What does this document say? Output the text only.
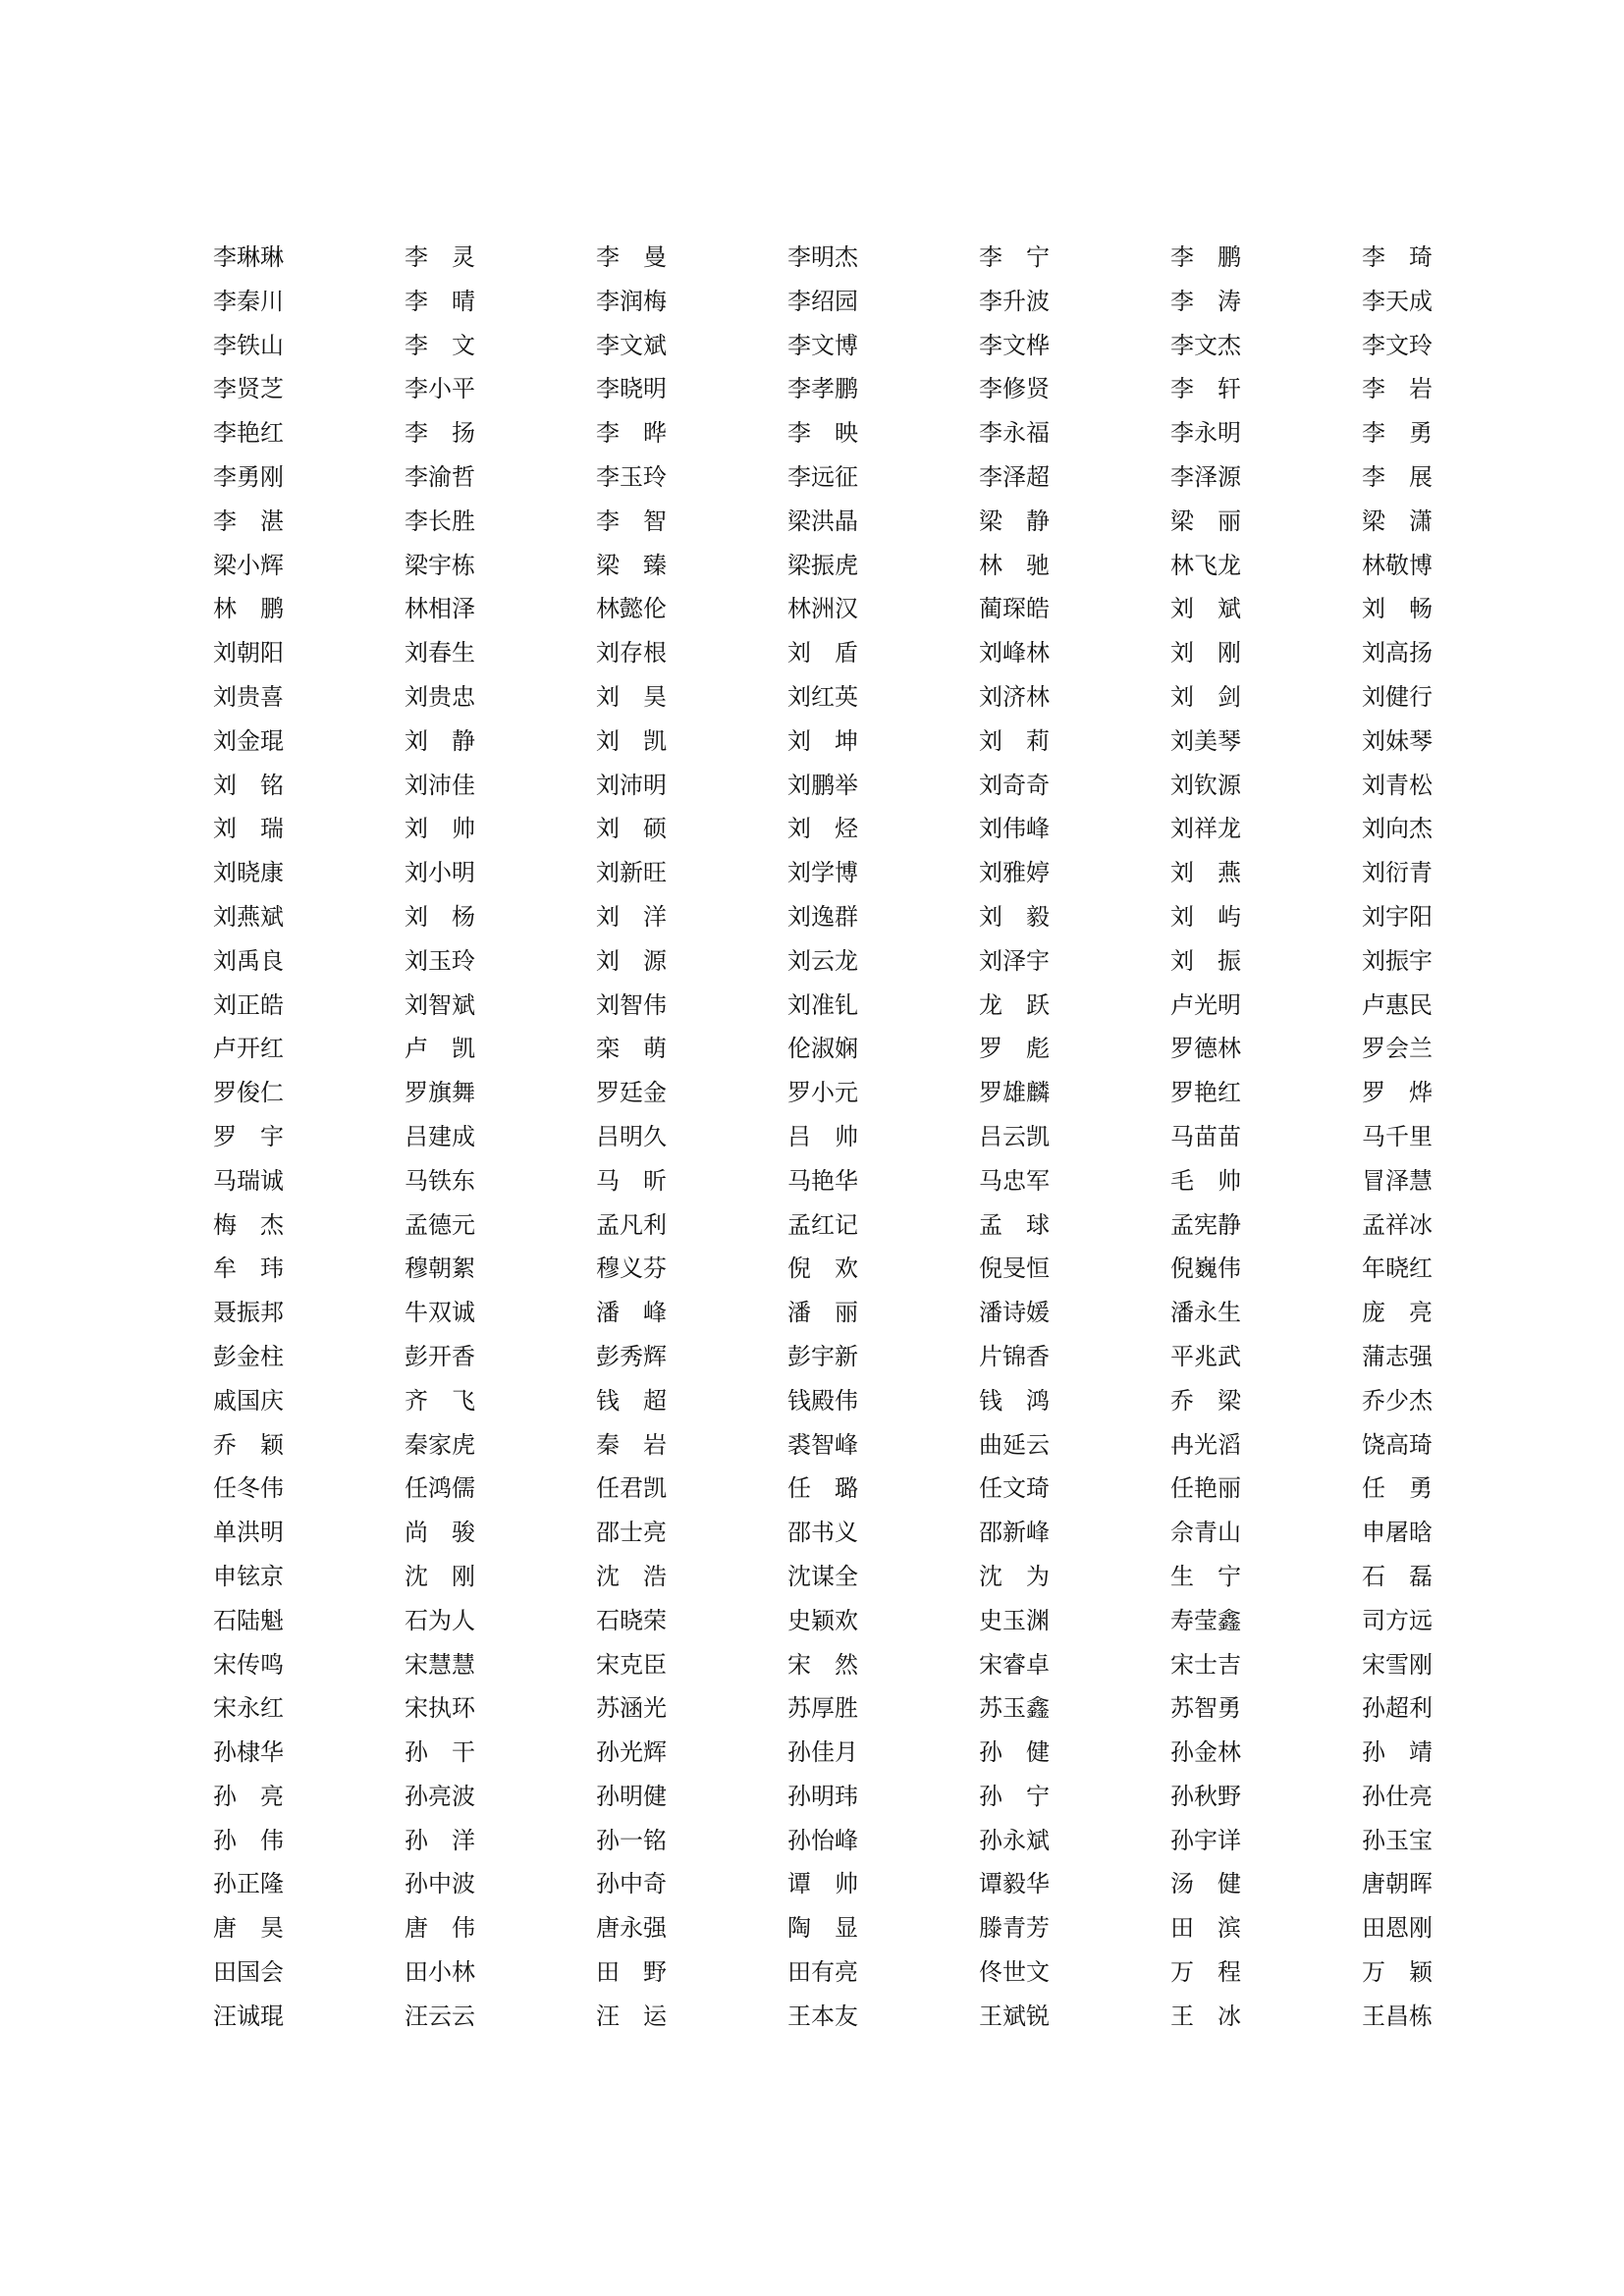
李琳琳	李　灵	李　曼	李明杰	李　宁	李　鹏	李　琦
李秦川	李　晴	李润梅	李绍园	李升波	李　涛	李天成
李铁山	李　文	李文斌	李文博	李文桦	李文杰	李文玲
李贤芝	李小平	李晓明	李孝鹏	李修贤	李　轩	李　岩
李艳红	李　扬	李　晔	李　映	李永福	李永明	李　勇
李勇刚	李渝哲	李玉玲	李远征	李泽超	李泽源	李　展
李　湛	李长胜	李　智	梁洪晶	梁　静	梁　丽	梁　潇
梁小辉	梁宇栋	梁　臻	梁振虎	林　驰	林飞龙	林敬博
林　鹏	林相泽	林懿伦	林洲汉	蔺琛皓	刘　斌	刘　畅
刘朝阳	刘春生	刘存根	刘　盾	刘峰林	刘　刚	刘高扬
刘贵喜	刘贵忠	刘　昊	刘红英	刘济林	刘　剑	刘健行
刘金琨	刘　静	刘　凯	刘　坤	刘　莉	刘美琴	刘妹琴
刘　铭	刘沛佳	刘沛明	刘鹏举	刘奇奇	刘钦源	刘青松
刘　瑞	刘　帅	刘　硕	刘　烃	刘伟峰	刘祥龙	刘向杰
刘晓康	刘小明	刘新旺	刘学博	刘雅婷	刘　燕	刘衍青
刘燕斌	刘　杨	刘　洋	刘逸群	刘　毅	刘　屿	刘宇阳
刘禹良	刘玉玲	刘　源	刘云龙	刘泽宇	刘　振	刘振宇
刘正皓	刘智斌	刘智伟	刘准钆	龙　跃	卢光明	卢惠民
卢开红	卢　凯	栾　萌	伦淑娴	罗　彪	罗德林	罗会兰
罗俊仁	罗旗舞	罗廷金	罗小元	罗雄麟	罗艳红	罗　烨
罗　宇	吕建成	吕明久	吕　帅	吕云凯	马苗苗	马千里
马瑞诚	马铁东	马　昕	马艳华	马忠军	毛　帅	冒泽慧
梅　杰	孟德元	孟凡利	孟红记	孟　球	孟宪静	孟祥冰
牟　玮	穆朝絮	穆义芬	倪　欢	倪旻恒	倪巍伟	年晓红
聂振邦	牛双诚	潘　峰	潘　丽	潘诗媛	潘永生	庞　亮
彭金柱	彭开香	彭秀辉	彭宇新	片锦香	平兆武	蒲志强
戚国庆	齐　飞	钱　超	钱殿伟	钱　鸿	乔　梁	乔少杰
乔　颖	秦家虎	秦　岩	裘智峰	曲延云	冉光滔	饶高琦
任冬伟	任鸿儒	任君凯	任　璐	任文琦	任艳丽	任　勇
单洪明	尚　骏	邵士亮	邵书义	邵新峰	佘青山	申屠晗
申铉京	沈　刚	沈　浩	沈谋全	沈　为	生　宁	石　磊
石陆魁	石为人	石晓荣	史颖欢	史玉渊	寿莹鑫	司方远
宋传鸣	宋慧慧	宋克臣	宋　然	宋睿卓	宋士吉	宋雪刚
宋永红	宋执环	苏涵光	苏厚胜	苏玉鑫	苏智勇	孙超利
孙棣华	孙　干	孙光辉	孙佳月	孙　健	孙金林	孙　靖
孙　亮	孙亮波	孙明健	孙明玮	孙　宁	孙秋野	孙仕亮
孙　伟	孙　洋	孙一铭	孙怡峰	孙永斌	孙宇详	孙玉宝
孙正隆	孙中波	孙中奇	谭　帅	谭毅华	汤　健	唐朝晖
唐　昊	唐　伟	唐永强	陶　显	滕青芳	田　滨	田恩刚
田国会	田小林	田　野	田有亮	佟世文	万　程	万　颖
汪诚琨	汪云云	汪　运	王本友	王斌锐	王　冰	王昌栋
